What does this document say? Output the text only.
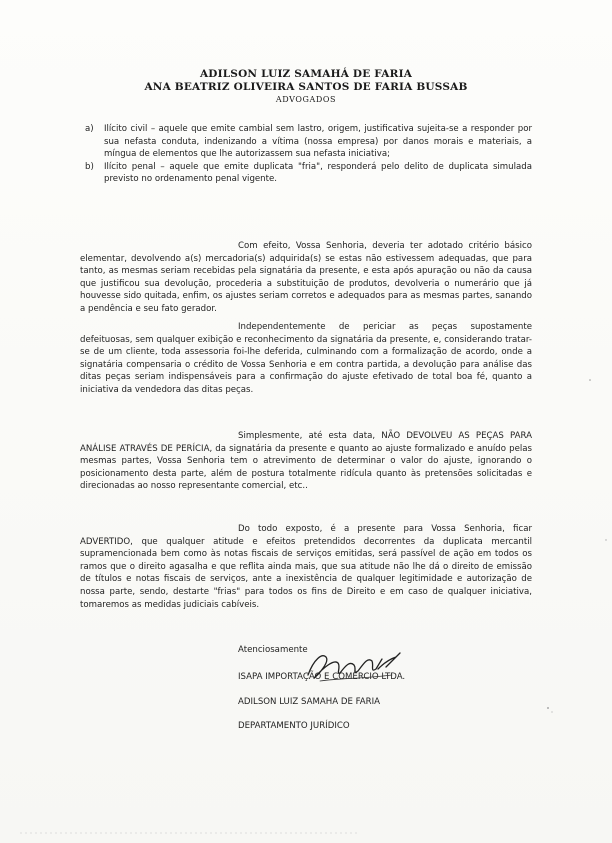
ADILSON LUIZ SAMAHÁ DE FARIA
ANA BEATRIZ OLIVEIRA SANTOS DE FARIA BUSSAB
ADVOGADOS

a) Ilícito civil – aquele que emite cambial sem lastro, origem, justificativa sujeita-se a responder por sua nefasta conduta, indenizando a vítima (nossa empresa) por danos morais e materiais, a míngua de elementos que lhe autorizassem sua nefasta iniciativa;

b) Ilícito penal – aquele que emite duplicata "fria", responderá pelo delito de duplicata simulada previsto no ordenamento penal vigente.

Com efeito, Vossa Senhoria, deveria ter adotado critério básico elementar, devolvendo a(s) mercadoria(s) adquirida(s) se estas não estivessem adequadas, que para tanto, as mesmas seriam recebidas pela signatária da presente, e esta após apuração ou não da causa que justificou sua devolução, procederia a substituição de produtos, devolveria o numerário que já houvesse sido quitada, enfim, os ajustes seriam corretos e adequados para as mesmas partes, sanando a pendência e seu fato gerador.

Independentemente de periciar as peças supostamente defeituosas, sem qualquer exibição e reconhecimento da signatária da presente, e, considerando tratar-se de um cliente, toda assessoria foi-lhe deferida, culminando com a formalização de acordo, onde a signatária compensaria o crédito de Vossa Senhoria e em contra partida, a devolução para análise das ditas peças seriam indispensáveis para a confirmação do ajuste efetivado de total boa fé, quanto a iniciativa da vendedora das ditas peças.

Simplesmente, até esta data, NÃO DEVOLVEU AS PEÇAS PARA ANÁLISE ATRAVÉS DE PERÍCIA, da signatária da presente e quanto ao ajuste formalizado e anuído pelas mesmas partes, Vossa Senhoria tem o atrevimento de determinar o valor do ajuste, ignorando o posicionamento desta parte, além de postura totalmente ridícula quanto às pretensões solicitadas e direcionadas ao nosso representante comercial, etc..

Do todo exposto, é a presente para Vossa Senhoria, ficar ADVERTIDO, que qualquer atitude e efeitos pretendidos decorrentes da duplicata mercantil supramencionada bem como às notas fiscais de serviços emitidas, será passível de ação em todos os ramos que o direito agasalha e que reflita ainda mais, que sua atitude não lhe dá o direito de emissão de títulos e notas fiscais de serviços, ante a inexistência de qualquer legitimidade e autorização de nossa parte, sendo, destarte "frias" para todos os fins de Direito e em caso de qualquer iniciativa, tomaremos as medidas judiciais cabíveis.

Atenciosamente
ISAPA IMPORTAÇÃO E COMÉRCIO LTDA.
ADILSON LUIZ SAMAHA DE FARIA
DEPARTAMENTO JURÍDICO
